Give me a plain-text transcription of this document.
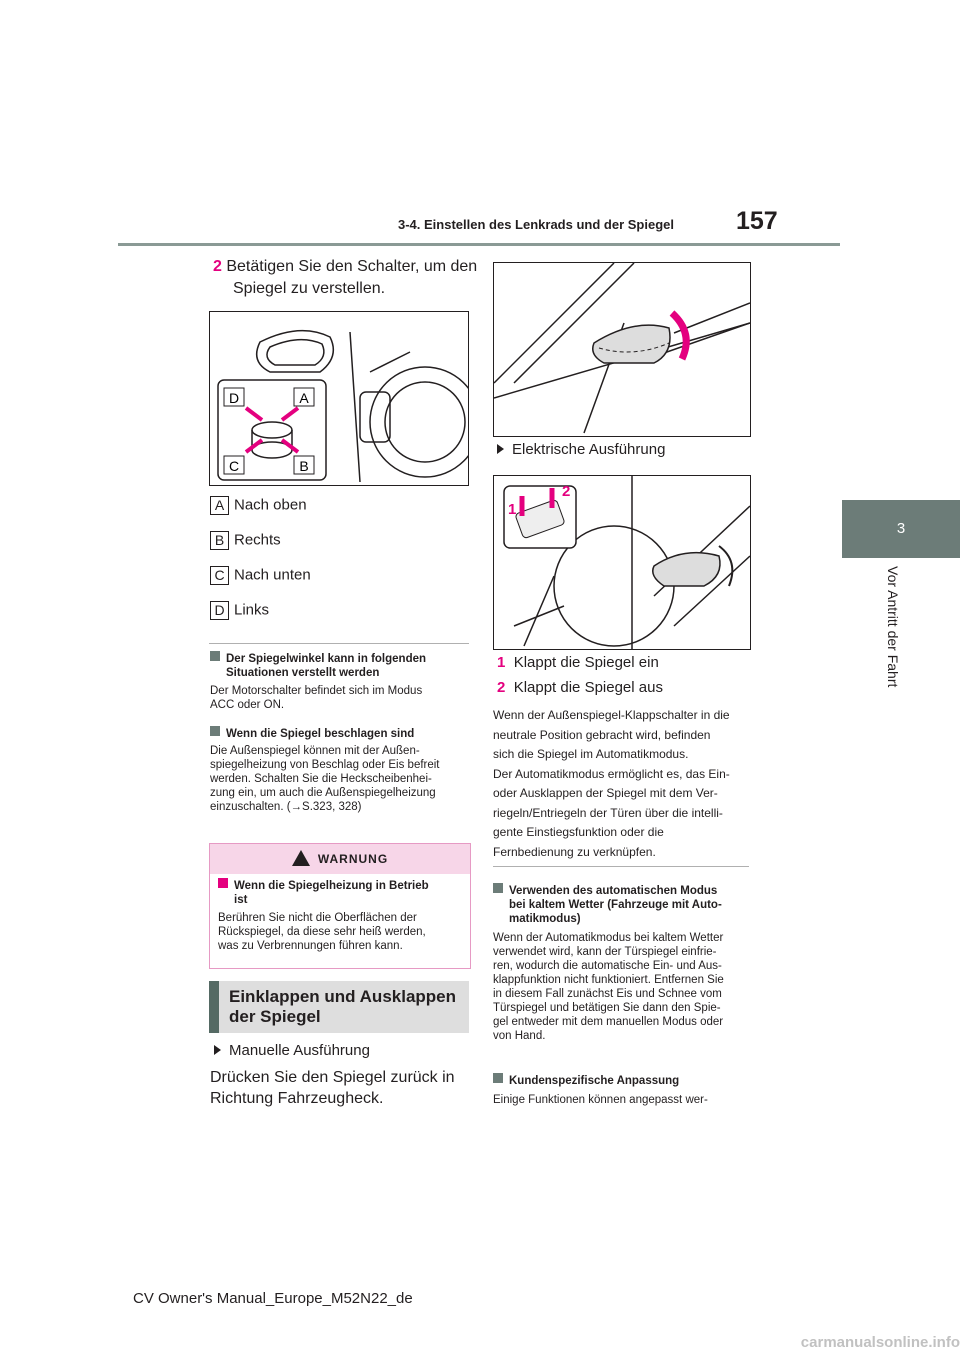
3-4. Einstellen des Lenkrads und der Spiegel 157
3
Vor Antritt der Fahrt
2 Betätigen Sie den Schalter, um den
Spiegel zu verstellen.
D	A
C	B
A Nach oben
B Rechts
C Nach unten
D Links
Der Spiegelwinkel kann in folgenden
Situationen verstellt werden
Der Motorschalter befindet sich im Modus
ACC oder ON.
Wenn die Spiegel beschlagen sind
Die Außenspiegel können mit der Außen-
spiegelheizung von Beschlag oder Eis befreit
werden. Schalten Sie die Heckscheibenhei-
zung ein, um auch die Außenspiegelheizung
einzuschalten. (→S.323, 328)
WARNUNG
Wenn die Spiegelheizung in Betrieb
ist
Berühren Sie nicht die Oberflächen der
Rückspiegel, da diese sehr heiß werden,
was zu Verbrennungen führen kann.
Einklappen und Ausklappen
der Spiegel
Manuelle Ausführung
Drücken Sie den Spiegel zurück in
Richtung Fahrzeugheck.
Elektrische Ausführung
1
2
1 Klappt die Spiegel ein
2 Klappt die Spiegel aus
Wenn der Außenspiegel-Klappschalter in die
neutrale Position gebracht wird, befinden
sich die Spiegel im Automatikmodus.
Der Automatikmodus ermöglicht es, das Ein-
oder Ausklappen der Spiegel mit dem Ver-
riegeln/Entriegeln der Türen über die intelli-
gente Einstiegsfunktion oder die
Fernbedienung zu verknüpfen.
Verwenden des automatischen Modus
bei kaltem Wetter (Fahrzeuge mit Auto-
matikmodus)
Wenn der Automatikmodus bei kaltem Wetter
verwendet wird, kann der Türspiegel einfrie-
ren, wodurch die automatische Ein- und Aus-
klappfunktion nicht funktioniert. Entfernen Sie
in diesem Fall zunächst Eis und Schnee vom
Türspiegel und betätigen Sie dann den Spie-
gel entweder mit dem manuellen Modus oder
von Hand.
Kundenspezifische Anpassung
Einige Funktionen können angepasst wer-
CV Owner's Manual_Europe_M52N22_de
carmanualsonline.info
